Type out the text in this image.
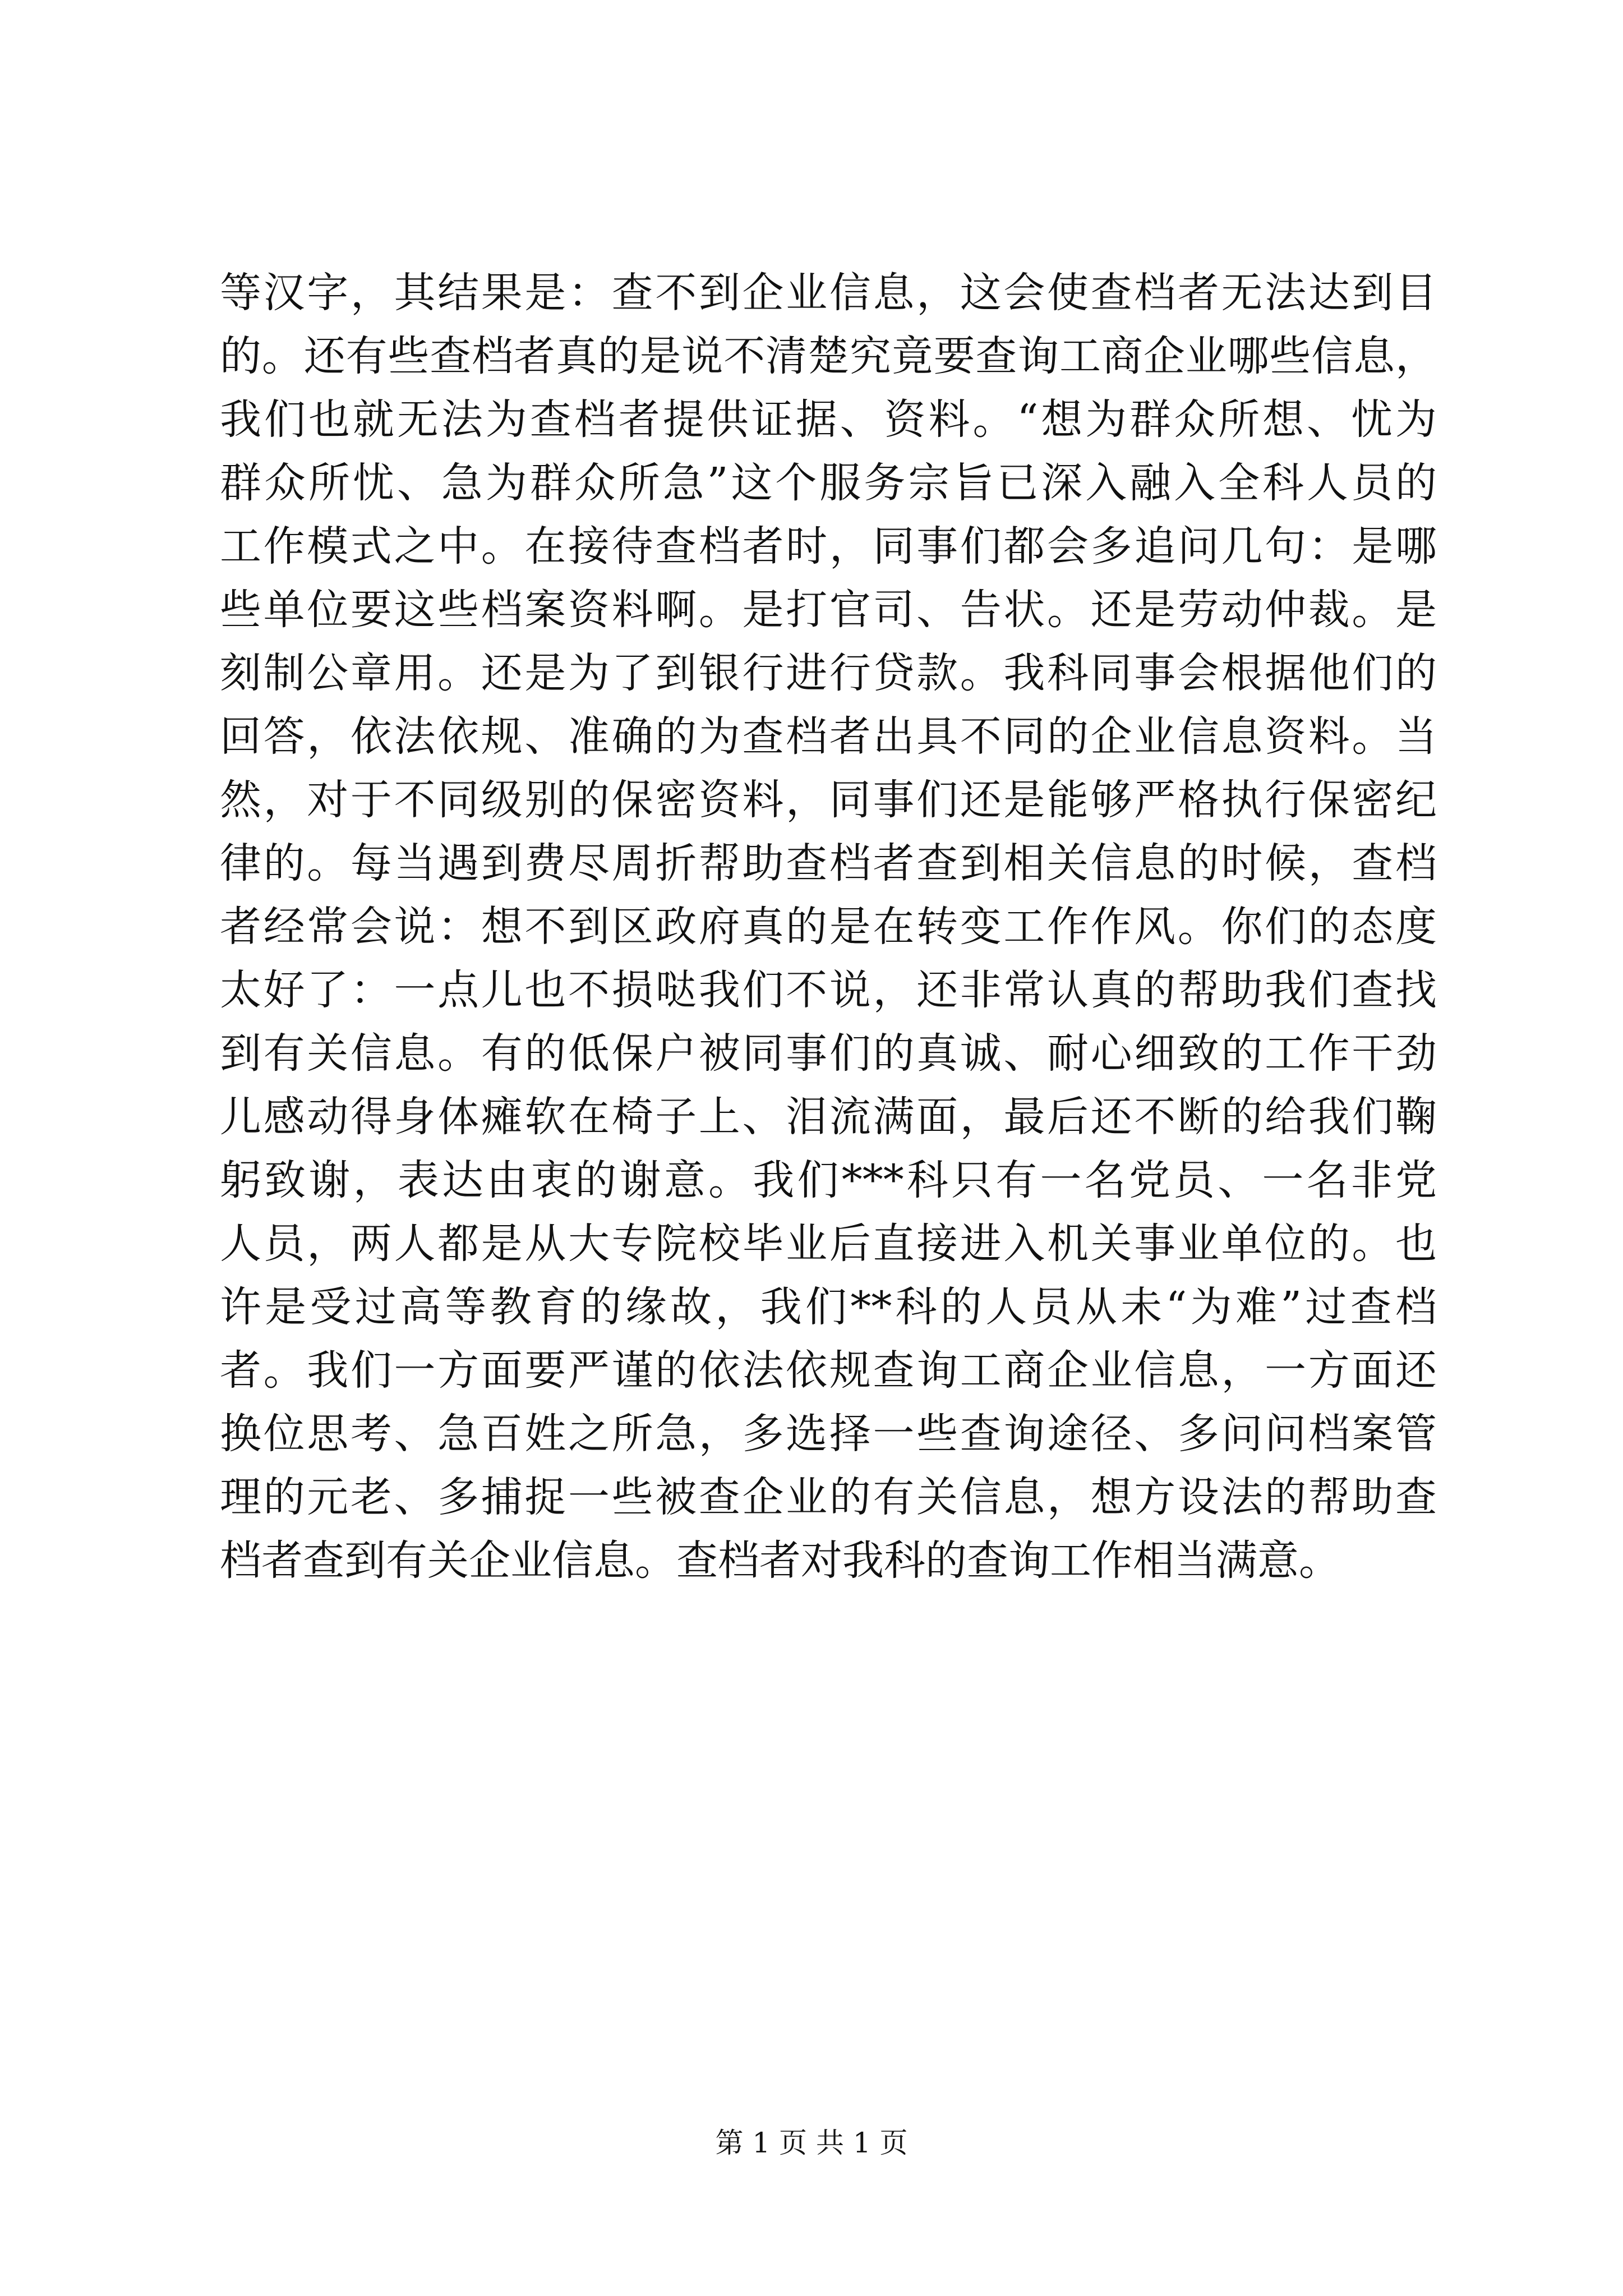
等汉字，其结果是：查不到企业信息，这会使查档者无法达到目
的。还有些查档者真的是说不清楚究竟要查询工商企业哪些信息，
我们也就无法为查档者提供证据、资料。“想为群众所想、忧为
群众所忧、急为群众所急”这个服务宗旨已深入融入全科人员的
工作模式之中。在接待查档者时，同事们都会多追问几句：是哪
些单位要这些档案资料啊。是打官司、告状。还是劳动仲裁。是
刻制公章用。还是为了到银行进行贷款。我科同事会根据他们的
回答，依法依规、准确的为查档者出具不同的企业信息资料。当
然，对于不同级别的保密资料，同事们还是能够严格执行保密纪
律的。每当遇到费尽周折帮助查档者查到相关信息的时候，查档
者经常会说：想不到区政府真的是在转变工作作风。你们的态度
太好了：一点儿也不损哒我们不说，还非常认真的帮助我们查找
到有关信息。有的低保户被同事们的真诚、耐心细致的工作干劲
儿感动得身体瘫软在椅子上、泪流满面，最后还不断的给我们鞠
躬致谢，表达由衷的谢意。我们***科只有一名党员、一名非党
人员，两人都是从大专院校毕业后直接进入机关事业单位的。也
许是受过高等教育的缘故，我们**科的人员从未“为难”过查档
者。我们一方面要严谨的依法依规查询工商企业信息，一方面还
换位思考、急百姓之所急，多选择一些查询途径、多问问档案管
理的元老、多捕捉一些被查企业的有关信息，想方设法的帮助查
档者查到有关企业信息。查档者对我科的查询工作相当满意。
第 1 页 共 1 页
